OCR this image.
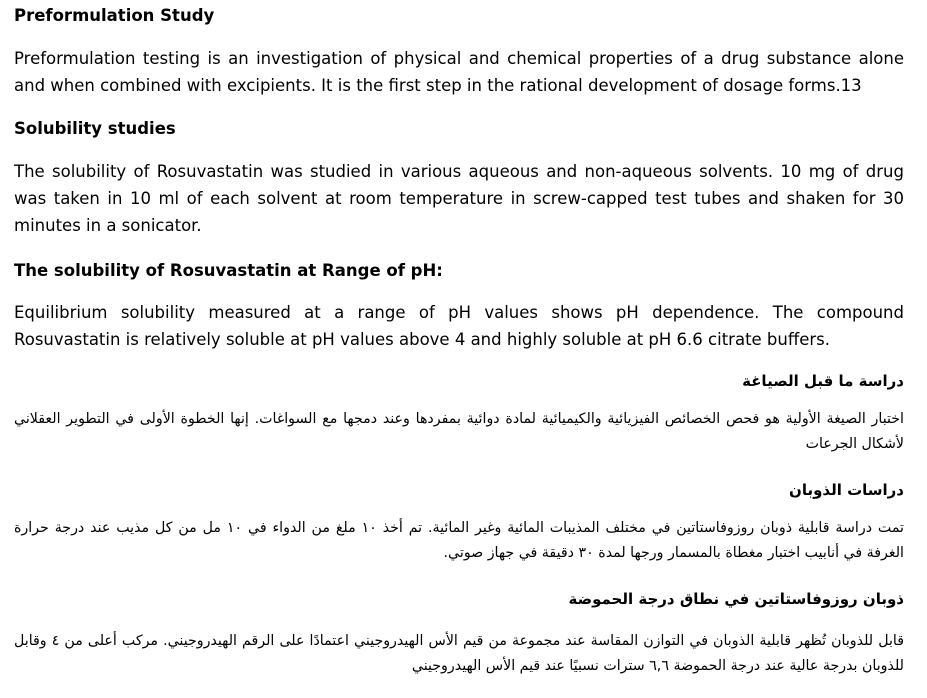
Preformulation Study
Preformulation testing is an investigation of physical and chemical properties of a drug substance alone and when combined with excipients. It is the first step in the rational development of dosage forms.13
Solubility studies
The solubility of Rosuvastatin was studied in various aqueous and non-aqueous solvents. 10 mg of drug was taken in 10 ml of each solvent at room temperature in screw-capped test tubes and shaken for 30 minutes in a sonicator.
The solubility of Rosuvastatin at Range of pH:
Equilibrium solubility measured at a range of pH values shows pH dependence. The compound Rosuvastatin is relatively soluble at pH values above 4 and highly soluble at pH 6.6 citrate buffers.
دراسة ما قبل الصياغة
اختبار الصيغة الأولية هو فحص الخصائص الفيزيائية والكيميائية لمادة دوائية بمفردها وعند دمجها مع السواغات. إنها الخطوة الأولى في التطوير العقلاني لأشكال الجرعات
دراسات الذوبان
تمت دراسة قابلية ذوبان روزوفاستاتين في مختلف المذيبات المائية وغير المائية. تم أخذ ١٠ ملغ من الدواء في ١٠ مل من كل مذيب عند درجة حرارة الغرفة في أنابيب اختبار مغطاة بالمسمار ورجها لمدة ٣٠ دقيقة في جهاز صوتي.
ذوبان روزوفاستاتين في نطاق درجة الحموضة
قابل للذوبان تُظهر قابلية الذوبان في التوازن المقاسة عند مجموعة من قيم الأس الهيدروجيني اعتمادًا على الرقم الهيدروجيني. مركب أعلى من ٤ وقابل للذوبان بدرجة عالية عند درجة الحموضة ٦,٦ سترات نسبيًا عند قيم الأس الهيدروجيني
